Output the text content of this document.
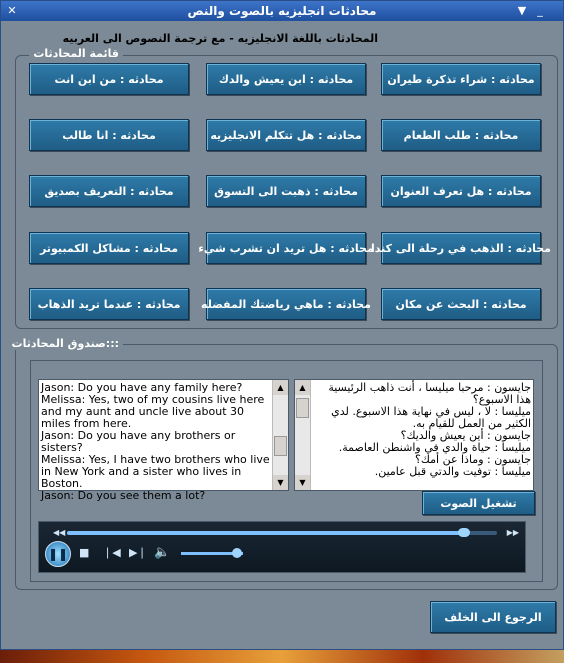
✕	محادثات انجليزيه بالصوت والنص	▼	_
المحادثات باللغة الانجليزيه - مع ترجمة النصوص الى العربيه
قائمة المحادثات
محادثه : شراء تذكرة طيران
محادثه : ابن يعيش والدك
محادثه : من ابن انت
محادثه : طلب الطعام
محادثه : هل تتكلم الانجليزيه
محادثه : انا طالب
محادثه : هل تعرف العنوان
محادثه : ذهبت الى التسوق
محادثه : التعريف بصديق
محادثه : الذهب في رحلة الى كندا
محادثه : هل تريد ان تشرب شيء
محادثه : مشاكل الكمبيوتر
محادثه : البحث عن مكان
محادثه : ماهي رياضتك المفضله
محادثه : عندما تريد الذهاب
:::صندوق المحادثات
Jason: Do you have any family here?
Melissa: Yes, two of my cousins live here and my aunt and uncle live about 30 miles from here.
Jason: Do you have any brothers or sisters?
Melissa: Yes, I have two brothers who live in New York and a sister who lives in Boston.
Jason: Do you see them a lot?
▲
▼
جايسون : مرحبا ميليسا ، أنت ذاهب الرئيسية هذا الاسبوع؟
ميليسا : لا ، ليس في نهاية هذا الاسبوع. لدي الكثير من العمل للقيام به.
جايسون : أين يعيش والديك؟
ميليسا : حياة والدي في واشنطن العاصمة.
جايسون : وماذا عن أمك؟
ميليسا : توفيت والدتي قبل عامين.
▲
▼
تشغيل الصوت
◀◀	▶▶
❚❚ ■ ❘◀ ▶❘ 🔈
الرجوع الى الخلف
